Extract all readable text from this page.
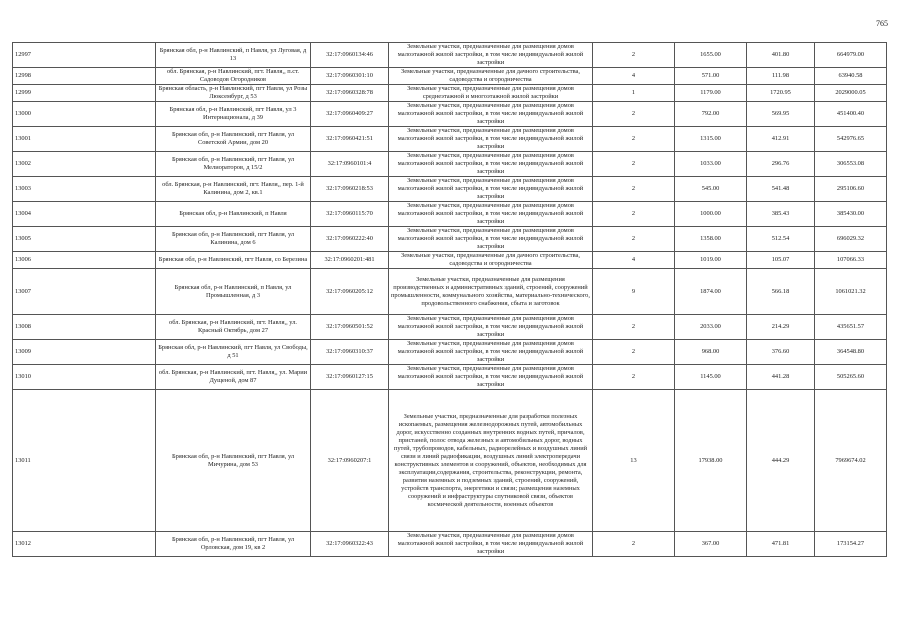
765
12997	Брянская обл, р-н Навлинский, п Навля, ул Луговая, д 13	32:17:0960134:46	Земельные участки, предназначенные для размещения домов малоэтажной жилой застройки, в том числе индивидуальной жилой застройки	2	1655.00	401.80	664979.00
12998	обл. Брянская, р-н Навлинский, пгт. Навля,, п.ст. Садоводов Огородников	32:17:0960301:10	Земельные участки, предназначенные для дачного строительства, садоводства и огородничества	4	571.00	111.98	63940.58
12999	Брянская область, р-н Навлинский, пгт Навля, ул Розы Люксембург, д 53	32:17:0960328:78	Земельные участки, предназначенные для размещения домов среднеэтажной и многоэтажной жилой застройки	1	1179.00	1720.95	2029000.05
13000	Брянская обл, р-н Навлинский, пгт Навля, ул 3 Интернационала, д 39	32:17:0960409:27	Земельные участки, предназначенные для размещения домов малоэтажной жилой застройки, в том числе индивидуальной жилой застройки	2	792.00	569.95	451400.40
13001	Брянская обл, р-н Навлинский, пгт Навля, ул Советской Армии, дом 20	32:17:0960421:51	Земельные участки, предназначенные для размещения домов малоэтажной жилой застройки, в том числе индивидуальной жилой застройки	2	1315.00	412.91	542976.65
13002	Брянская обл, р-н Навлинский, пгт Навля, ул Мелиораторов, д 15/2	32:17:0960101:4	Земельные участки, предназначенные для размещения домов малоэтажной жилой застройки, в том числе индивидуальной жилой застройки	2	1033.00	296.76	306553.08
13003	обл. Брянская, р-н Навлинский, пгт. Навля,, пер. 1-й Калинина, дом 2, кв.1	32:17:0960218:53	Земельные участки, предназначенные для размещения домов малоэтажной жилой застройки, в том числе индивидуальной жилой застройки	2	545.00	541.48	295106.60
13004	Брянская обл, р-н Навлинский, п Навля	32:17:0960115:70	Земельные участки, предназначенные для размещения домов малоэтажной жилой застройки, в том числе индивидуальной жилой застройки	2	1000.00	385.43	385430.00
13005	Брянская обл, р-н Навлинский, пгт Навля, ул Калинина, дом 6	32:17:0960222:40	Земельные участки, предназначенные для размещения домов малоэтажной жилой застройки, в том числе индивидуальной жилой застройки	2	1358.00	512.54	696029.32
13006	Брянская обл, р-н Навлинский, пгт Навля, со Березина	32:17:0960201:481	Земельные участки, предназначенные для дачного строительства, садоводства и огородничества	4	1019.00	105.07	107066.33
13007	Брянская обл, р-н Навлинский, п Навля, ул Промышленная, д 3	32:17:0960205:12	Земельные участки, предназначенные для размещения производственных и административных зданий, строений, сооружений промышленности, коммунального хозяйства, материально-технического, продовольственного снабжения, сбыта и заготовок	9	1874.00	566.18	1061021.32
13008	обл. Брянская, р-н Навлинский, пгт. Навля,, ул. Красный Октябрь, дом 27	32:17:0960501:52	Земельные участки, предназначенные для размещения домов малоэтажной жилой застройки, в том числе индивидуальной жилой застройки	2	2033.00	214.29	435651.57
13009	Брянская обл, р-н Навлинский, пгт Навля, ул Свободы, д 51	32:17:0960310:37	Земельные участки, предназначенные для размещения домов малоэтажной жилой застройки, в том числе индивидуальной жилой застройки	2	968.00	376.60	364548.80
13010	обл. Брянская, р-н Навлинский, пгт. Навля,, ул. Марии Дущеной, дом 87	32:17:0960127:15	Земельные участки, предназначенные для размещения домов малоэтажной жилой застройки, в том числе индивидуальной жилой застройки	2	1145.00	441.28	505265.60
13011	Брянская обл, р-н Навлинский, пгт Навля, ул Мичурина, дом 53	32:17:0960207:1	Земельные участки, предназначенные для разработки полезных ископаемых, размещения железнодорожных путей, автомобильных дорог, искусственно созданных внутренних водных путей, причалов, пристаней, полос отвода железных и автомобильных дорог, водных путей, трубопроводов, кабельных, радиорелейных и воздушных линий связи и линий радиофикации, воздушных линий электропередачи конструктивных элементов и сооружений, объектов, необходимых для эксплуатации,содержания, строительства, реконструкции, ремонта, развития наземных и подземных зданий, строений, сооружений, устройств транспорта, энергетики и связи; размещения наземных сооружений и инфраструктуры спутниковой связи, объектов космической деятельности, военных объектов	13	17938.00	444.29	7969674.02
13012	Брянская обл, р-н Навлинский, пгт Навля, ул Орловская, дом 19, кв 2	32:17:0960322:43	Земельные участки, предназначенные для размещения домов малоэтажной жилой застройки, в том числе индивидуальной жилой застройки	2	367.00	471.81	173154.27
